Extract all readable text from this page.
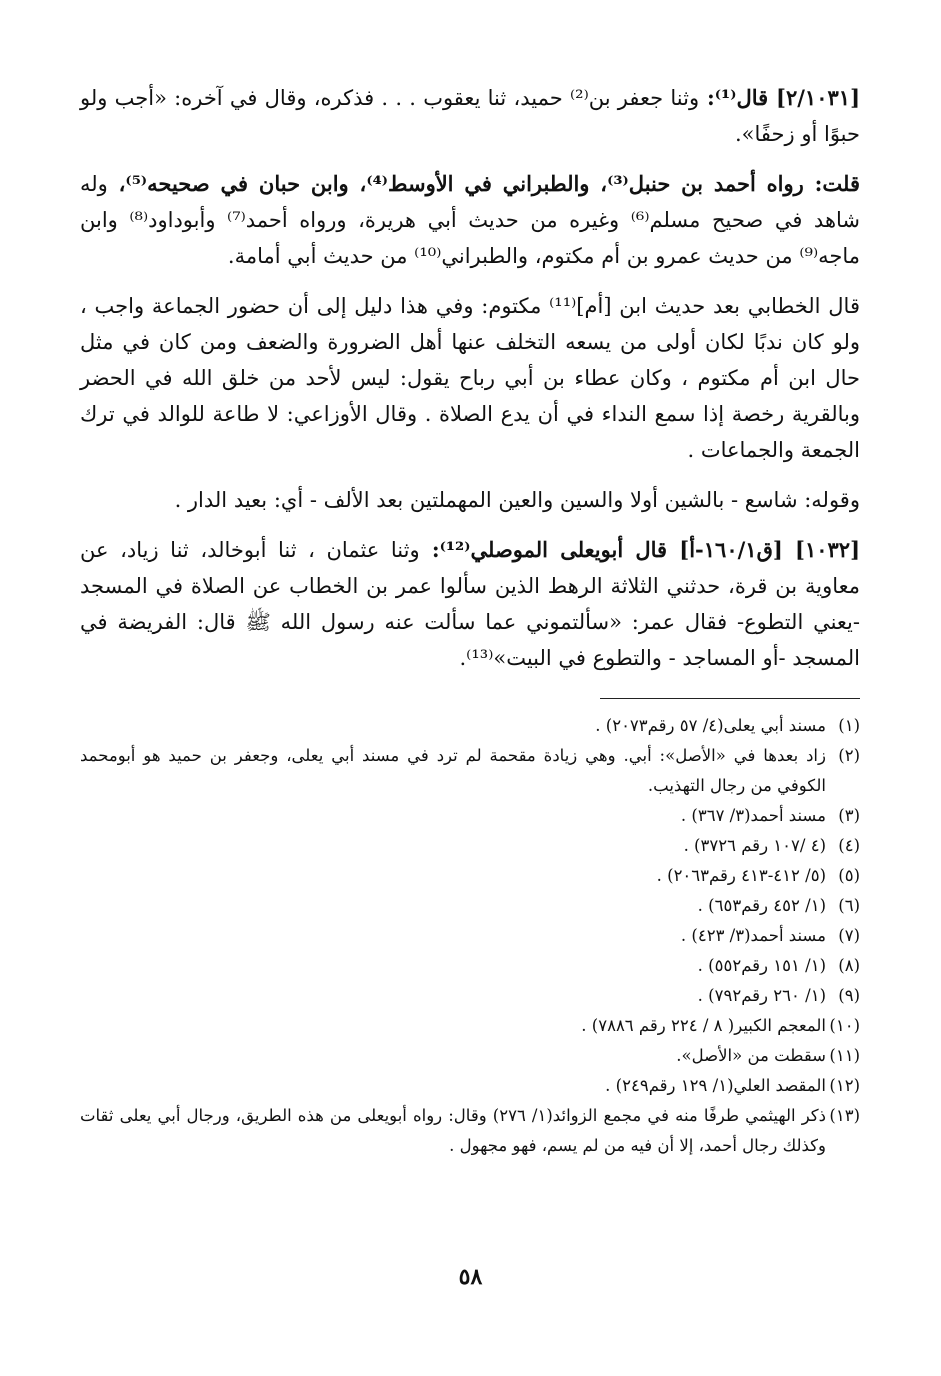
[٢/١٠٣١] قال⁽¹⁾: وثنا جعفر بن⁽²⁾ حميد، ثنا يعقوب . . . فذكره، وقال في آخره: «أجب ولو حبوًا أو زحفًا».

قلت: رواه أحمد بن حنبل⁽³⁾، والطبراني في الأوسط⁽⁴⁾، وابن حبان في صحيحه⁽⁵⁾، وله شاهد في صحيح مسلم⁽⁶⁾ وغيره من حديث أبي هريرة، ورواه أحمد⁽⁷⁾ وأبوداود⁽⁸⁾ وابن ماجه⁽⁹⁾ من حديث عمرو بن أم مكتوم، والطبراني⁽¹⁰⁾ من حديث أبي أمامة.

قال الخطابي بعد حديث ابن [أم]⁽¹¹⁾ مكتوم: وفي هذا دليل إلى أن حضور الجماعة واجب ، ولو كان ندبًا لكان أولى من يسعه التخلف عنها أهل الضرورة والضعف ومن كان في مثل حال ابن أم مكتوم ، وكان عطاء بن أبي رباح يقول: ليس لأحد من خلق الله في الحضر وبالقرية رخصة إذا سمع النداء في أن يدع الصلاة . وقال الأوزاعي: لا طاعة للوالد في ترك الجمعة والجماعات .

وقوله: شاسع - بالشين أولا والسين والعين المهملتين بعد الألف - أي: بعيد الدار .

[١٠٣٢] [ق١٦٠/١-أ] قال أبويعلى الموصلي⁽¹²⁾: وثنا عثمان ، ثنا أبوخالد، ثنا زياد، عن معاوية بن قرة، حدثني الثلاثة الرهط الذين سألوا عمر بن الخطاب عن الصلاة في المسجد -يعني التطوع- فقال عمر: «سألتموني عما سألت عنه رسول الله ﷺ قال: الفريضة في المسجد -أو المساجد - والتطوع في البيت»⁽¹³⁾.

(١)
مسند أبي يعلى(٤/ ٥٧ رقم٢٠٧٣) .

(٢)
زاد بعدها في «الأصل»: أبي. وهي زيادة مقحمة لم ترد في مسند أبي يعلى، وجعفر بن حميد هو أبومحمد الكوفي من رجال التهذيب.

(٣)
مسند أحمد(٣/ ٣٦٧) .

(٤)
(٤ /١٠٧ رقم ٣٧٢٦) .

(٥)
(٥/ ٤١٢-٤١٣ رقم٢٠٦٣) .

(٦)
(١/ ٤٥٢ رقم٦٥٣) .

(٧)
مسند أحمد(٣/ ٤٢٣) .

(٨)
(١/ ١٥١ رقم٥٥٢) .

(٩)
(١/ ٢٦٠ رقم٧٩٢) .

(١٠)
المعجم الكبير( ٨ / ٢٢٤ رقم ٧٨٨٦) .

(١١)
سقطت من «الأصل».

(١٢)
المقصد العلي(١/ ١٢٩ رقم٢٤٩) .

(١٣)
ذكر الهيثمي طرفًا منه في مجمع الزوائد(١/ ٢٧٦) وقال: رواه أبويعلى من هذه الطريق، ورجال أبي يعلى ثقات وكذلك رجال أحمد، إلا أن فيه من لم يسم، فهو مجهول .

٥٨
